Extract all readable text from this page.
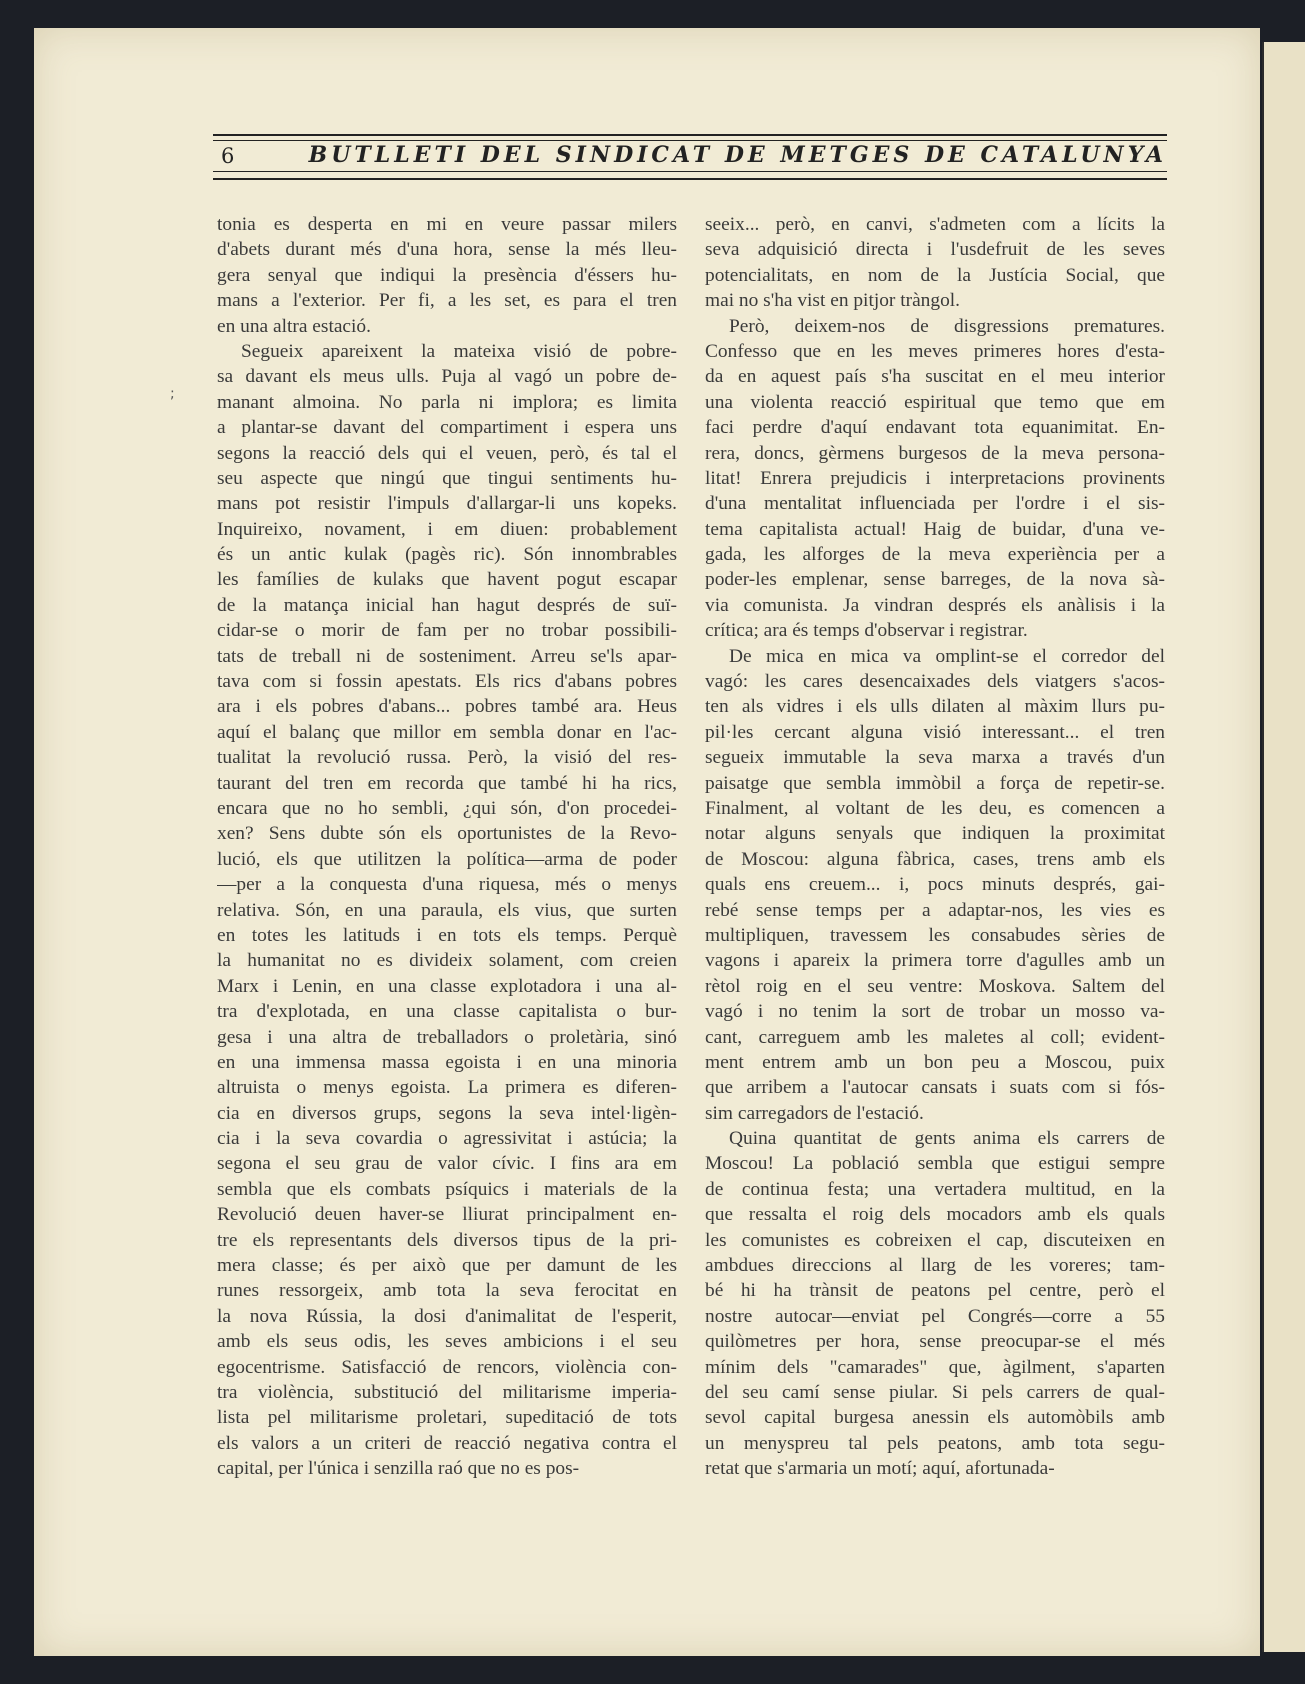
;
BUTLLETI DEL SINDICAT DE METGES DE CATALUNYA
6
tonia es desperta en mi en veure passar milers
d'abets durant més d'una hora, sense la més lleu-
gera senyal que indiqui la presència d'éssers hu-
mans a l'exterior. Per fi, a les set, es para el tren
en una altra estació.
Segueix apareixent la mateixa visió de pobre-
sa davant els meus ulls. Puja al vagó un pobre de-
manant almoina. No parla ni implora; es limita
a plantar-se davant del compartiment i espera uns
segons la reacció dels qui el veuen, però, és tal el
seu aspecte que ningú que tingui sentiments hu-
mans pot resistir l'impuls d'allargar-li uns kopeks.
Inquireixo, novament, i em diuen: probablement
és un antic kulak (pagès ric). Són innombrables
les famílies de kulaks que havent pogut escapar
de la matança inicial han hagut després de suï-
cidar-se o morir de fam per no trobar possibili-
tats de treball ni de sosteniment. Arreu se'ls apar-
tava com si fossin apestats. Els rics d'abans pobres
ara i els pobres d'abans... pobres també ara. Heus
aquí el balanç que millor em sembla donar en l'ac-
tualitat la revolució russa. Però, la visió del res-
taurant del tren em recorda que també hi ha rics,
encara que no ho sembli, ¿qui són, d'on procedei-
xen? Sens dubte són els oportunistes de la Revo-
lució, els que utilitzen la política—arma de poder
—per a la conquesta d'una riquesa, més o menys
relativa. Són, en una paraula, els vius, que surten
en totes les latituds i en tots els temps. Perquè
la humanitat no es divideix solament, com creien
Marx i Lenin, en una classe explotadora i una al-
tra d'explotada, en una classe capitalista o bur-
gesa i una altra de treballadors o proletària, sinó
en una immensa massa egoista i en una minoria
altruista o menys egoista. La primera es diferen-
cia en diversos grups, segons la seva intel·ligèn-
cia i la seva covardia o agressivitat i astúcia; la
segona el seu grau de valor cívic. I fins ara em
sembla que els combats psíquics i materials de la
Revolució deuen haver-se lliurat principalment en-
tre els representants dels diversos tipus de la pri-
mera classe; és per això que per damunt de les
runes ressorgeix, amb tota la seva ferocitat en
la nova Rússia, la dosi d'animalitat de l'esperit,
amb els seus odis, les seves ambicions i el seu
egocentrisme. Satisfacció de rencors, violència con-
tra violència, substitució del militarisme imperia-
lista pel militarisme proletari, supeditació de tots
els valors a un criteri de reacció negativa contra el
capital, per l'única i senzilla raó que no es pos-
seeix... però, en canvi, s'admeten com a lícits la
seva adquisició directa i l'usdefruit de les seves
potencialitats, en nom de la Justícia Social, que
mai no s'ha vist en pitjor tràngol.
Però, deixem-nos de disgressions prematures.
Confesso que en les meves primeres hores d'esta-
da en aquest país s'ha suscitat en el meu interior
una violenta reacció espiritual que temo que em
faci perdre d'aquí endavant tota equanimitat. En-
rera, doncs, gèrmens burgesos de la meva persona-
litat! Enrera prejudicis i interpretacions provinents
d'una mentalitat influenciada per l'ordre i el sis-
tema capitalista actual! Haig de buidar, d'una ve-
gada, les alforges de la meva experiència per a
poder-les emplenar, sense barreges, de la nova sà-
via comunista. Ja vindran després els anàlisis i la
crítica; ara és temps d'observar i registrar.
De mica en mica va omplint-se el corredor del
vagó: les cares desencaixades dels viatgers s'acos-
ten als vidres i els ulls dilaten al màxim llurs pu-
pil·les cercant alguna visió interessant... el tren
segueix immutable la seva marxa a través d'un
paisatge que sembla immòbil a força de repetir-se.
Finalment, al voltant de les deu, es comencen a
notar alguns senyals que indiquen la proximitat
de Moscou: alguna fàbrica, cases, trens amb els
quals ens creuem... i, pocs minuts després, gai-
rebé sense temps per a adaptar-nos, les vies es
multipliquen, travessem les consabudes sèries de
vagons i apareix la primera torre d'agulles amb un
rètol roig en el seu ventre: Moskova. Saltem del
vagó i no tenim la sort de trobar un mosso va-
cant, carreguem amb les maletes al coll; evident-
ment entrem amb un bon peu a Moscou, puix
que arribem a l'autocar cansats i suats com si fós-
sim carregadors de l'estació.
Quina quantitat de gents anima els carrers de
Moscou! La població sembla que estigui sempre
de continua festa; una vertadera multitud, en la
que ressalta el roig dels mocadors amb els quals
les comunistes es cobreixen el cap, discuteixen en
ambdues direccions al llarg de les voreres; tam-
bé hi ha trànsit de peatons pel centre, però el
nostre autocar—enviat pel Congrés—corre a 55
quilòmetres per hora, sense preocupar-se el més
mínim dels "camarades" que, àgilment, s'aparten
del seu camí sense piular. Si pels carrers de qual-
sevol capital burgesa anessin els automòbils amb
un menyspreu tal pels peatons, amb tota segu-
retat que s'armaria un motí; aquí, afortunada-
